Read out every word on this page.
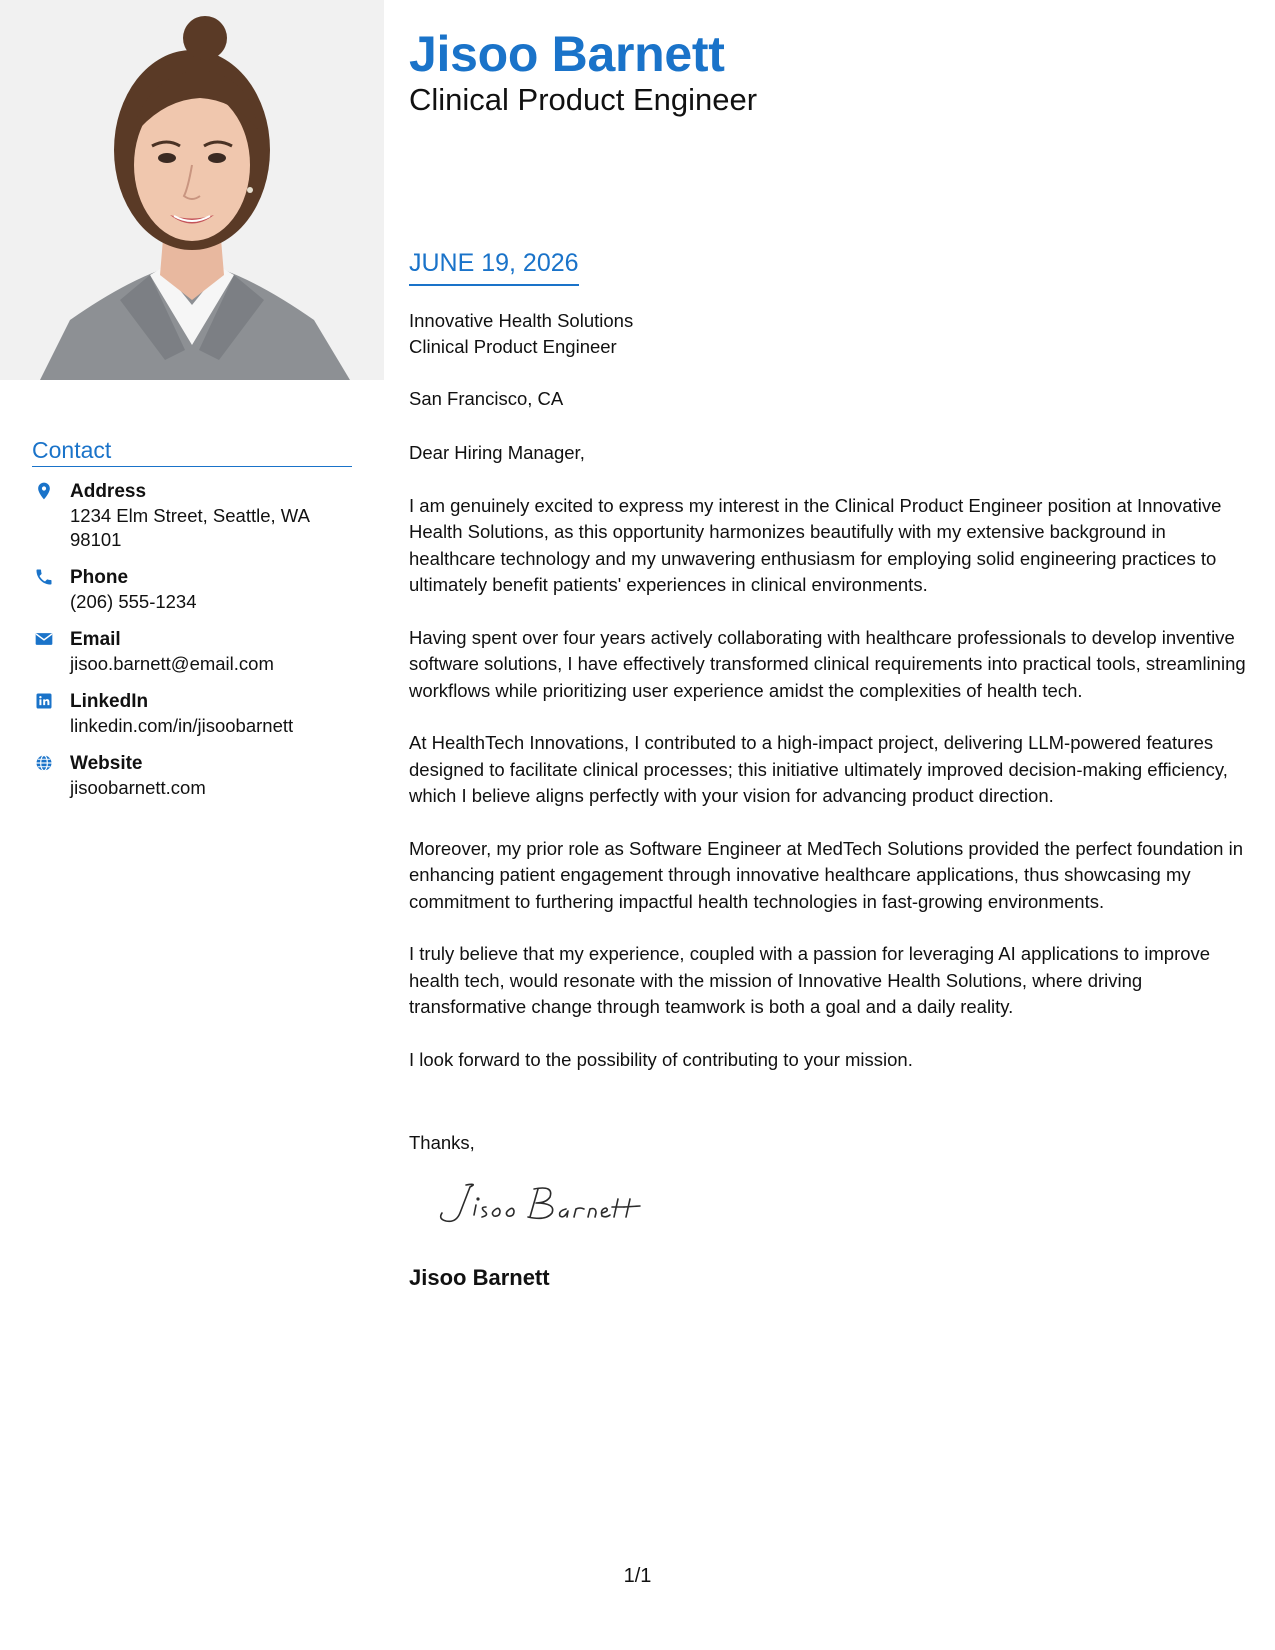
Contact
Address
1234 Elm Street, Seattle, WA 98101
Phone
(206) 555-1234
Email
jisoo.barnett@email.com
LinkedIn
linkedin.com/in/jisoobarnett
Website
jisoobarnett.com
Jisoo Barnett
Clinical Product Engineer
JUNE 19, 2026
Innovative Health Solutions
Clinical Product Engineer
San Francisco, CA

Dear Hiring Manager,

I am genuinely excited to express my interest in the Clinical Product Engineer position at Innovative Health Solutions, as this opportunity harmonizes beautifully with my extensive background in healthcare technology and my unwavering enthusiasm for employing solid engineering practices to ultimately benefit patients' experiences in clinical environments.

Having spent over four years actively collaborating with healthcare professionals to develop inventive software solutions, I have effectively transformed clinical requirements into practical tools, streamlining workflows while prioritizing user experience amidst the complexities of health tech.

At HealthTech Innovations, I contributed to a high-impact project, delivering LLM-powered features designed to facilitate clinical processes; this initiative ultimately improved decision-making efficiency, which I believe aligns perfectly with your vision for advancing product direction.

Moreover, my prior role as Software Engineer at MedTech Solutions provided the perfect foundation in enhancing patient engagement through innovative healthcare applications, thus showcasing my commitment to furthering impactful health technologies in fast-growing environments.

I truly believe that my experience, coupled with a passion for leveraging AI applications to improve health tech, would resonate with the mission of Innovative Health Solutions, where driving transformative change through teamwork is both a goal and a daily reality.

I look forward to the possibility of contributing to your mission.

Thanks,
Jisoo Barnett
1/1
